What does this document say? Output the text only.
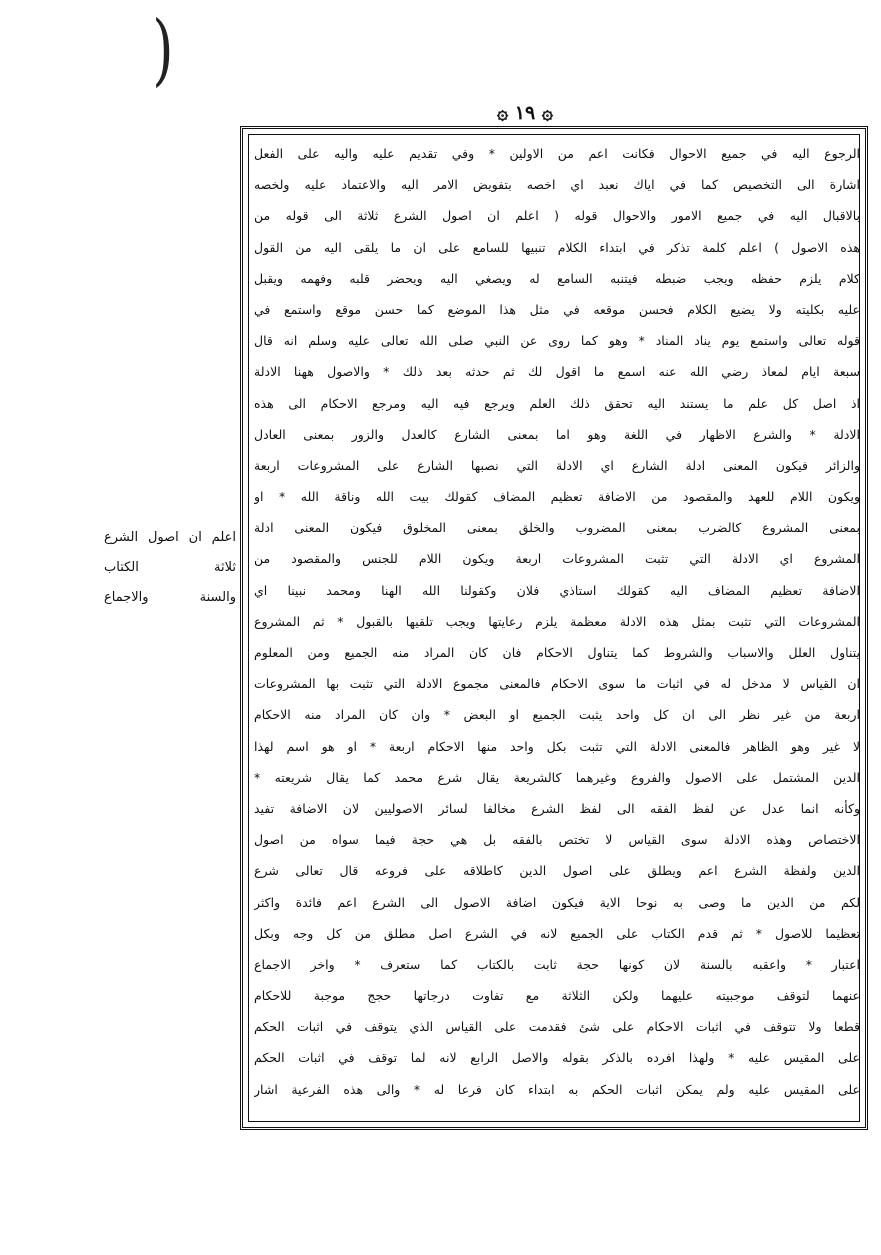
)
۞ ١٩ ۞
الرجوع اليه في جميع الاحوال فكانت اعم من الاولين * وفي تقديم عليه واليه على الفعل
اشارة الى التخصيص كما في اياك نعبد اي اخصه بتفويض الامر اليه والاعتماد عليه ولخصه
بالاقبال اليه في جميع الامور والاحوال قوله ( اعلم ان اصول الشرع ثلاثة الى قوله من
هذه الاصول ) اعلم كلمة تذكر في ابتداء الكلام تنبيها للسامع على ان ما يلقى اليه من القول
كلام يلزم حفظه ويجب ضبطه فيتنبه السامع له ويصغي اليه ويحضر قلبه وفهمه ويقبل
عليه بكليته ولا يضيع الكلام فحسن موقعه في مثل هذا الموضع كما حسن موقع واستمع في
قوله تعالى واستمع يوم يناد المناد * وهو كما روى عن النبي صلى الله تعالى عليه وسلم انه قال
سبعة ايام لمعاذ رضي الله عنه اسمع ما اقول لك ثم حدثه بعد ذلك * والاصول ههنا الادلة
اذ اصل كل علم ما يستند اليه تحقق ذلك العلم ويرجع فيه اليه ومرجع الاحكام الى هذه
الادلة * والشرع الاظهار في اللغة وهو اما بمعنى الشارع كالعدل والزور بمعنى العادل
والزائر فيكون المعنى ادلة الشارع اي الادلة التي نصبها الشارع على المشروعات اربعة
ويكون اللام للعهد والمقصود من الاضافة تعظيم المضاف كقولك بيت الله وناقة الله * او
بمعنى المشروع كالضرب بمعنى المضروب والخلق بمعنى المخلوق فيكون المعنى ادلة
المشروع اي الادلة التي تثبت المشروعات اربعة ويكون اللام للجنس والمقصود من
الاضافة تعظيم المضاف اليه كقولك استاذي فلان وكقولنا الله الهنا ومحمد نبينا اي
المشروعات التي تثبت بمثل هذه الادلة معظمة يلزم رعايتها ويجب تلقيها بالقبول * ثم المشروع
يتناول العلل والاسباب والشروط كما يتناول الاحكام فان كان المراد منه الجميع ومن المعلوم
ان القياس لا مدخل له في اثبات ما سوى الاحكام فالمعنى مجموع الادلة التي تثبت بها المشروعات
اربعة من غير نظر الى ان كل واحد يثبت الجميع او البعض * وان كان المراد منه الاحكام
لا غير وهو الظاهر فالمعنى الادلة التي تثبت بكل واحد منها الاحكام اربعة * او هو اسم لهذا
الدين المشتمل على الاصول والفروع وغيرهما كالشريعة يقال شرع محمد كما يقال شريعته *
وكأنه انما عدل عن لفظ الفقه الى لفظ الشرع مخالفا لسائر الاصوليين لان الاضافة تفيد
الاختصاص وهذه الادلة سوى القياس لا تختص بالفقه بل هي حجة فيما سواه من اصول
الدين ولفظة الشرع اعم ويطلق على اصول الدين كاطلاقه على فروعه قال تعالى شرع
لكم من الدين ما وصى به نوحا الاية فيكون اضافة الاصول الى الشرع اعم فائدة واكثر
تعظيما للاصول * ثم قدم الكتاب على الجميع لانه في الشرع اصل مطلق من كل وجه وبكل
اعتبار * واعقبه بالسنة لان كونها حجة ثابت بالكتاب كما ستعرف * واخر الاجماع
عنهما لتوقف موجبيته عليهما ولكن الثلاثة مع تفاوت درجاتها حجج موجبة للاحكام
قطعا ولا تتوقف في اثبات الاحكام على شئ فقدمت على القياس الذي يتوقف في اثبات الحكم
على المقيس عليه * ولهذا افرده بالذكر بقوله والاصل الرابع لانه لما توقف في اثبات الحكم
على المقيس عليه ولم يمكن اثبات الحكم به ابتداء كان فرعا له * والى هذه الفرعية اشار
اعلم ان اصول الشرع
ثلاثة الكتاب
والسنة والاجماع
